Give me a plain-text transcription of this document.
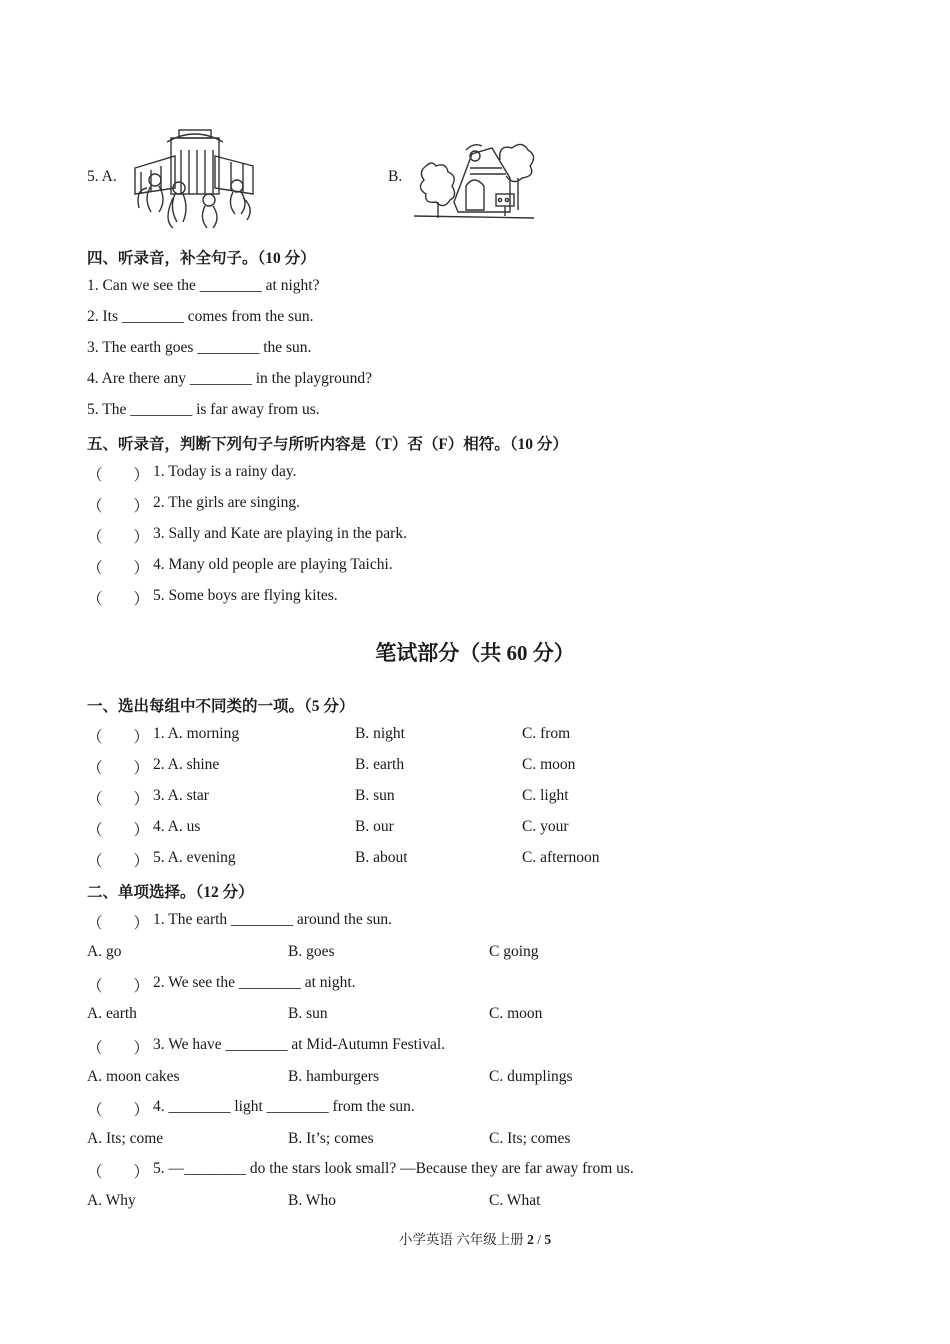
5. A.	B.
四、听录音，补全句子。（10 分）
1. Can we see the ________ at night?
2. Its ________ comes from the sun.
3. The earth goes ________ the sun.
4. Are there any ________ in the playground?
5. The ________ is far away from us.
五、听录音，判断下列句子与所听内容是（T）否（F）相符。（10 分）
（　　） 1. Today is a rainy day.
（　　） 2. The girls are singing.
（　　） 3. Sally and Kate are playing in the park.
（　　） 4. Many old people are playing Taichi.
（　　） 5. Some boys are flying kites.
笔试部分（共 60 分）
一、选出每组中不同类的一项。（5 分）
（　　） 1. A. morning	B. night	C. from
（　　） 2. A. shine	B. earth	C. moon
（　　） 3. A. star	B. sun	C. light
（　　） 4. A. us	B. our	C. your
（　　） 5. A. evening	B. about	C. afternoon
二、单项选择。（12 分）
（　　） 1. The earth ________ around the sun.
A. go	B. goes	C going
（　　） 2. We see the ________ at night.
A. earth	B. sun	C. moon
（　　） 3. We have ________ at Mid-Autumn Festival.
A. moon cakes	B. hamburgers	C. dumplings
（　　） 4. ________ light ________ from the sun.
A. Its; come	B. It’s; comes	C. Its; comes
（　　） 5. —________ do the stars look small? —Because they are far away from us.
A. Why	B. Who	C. What
小学英语 六年级上册 2 / 5
